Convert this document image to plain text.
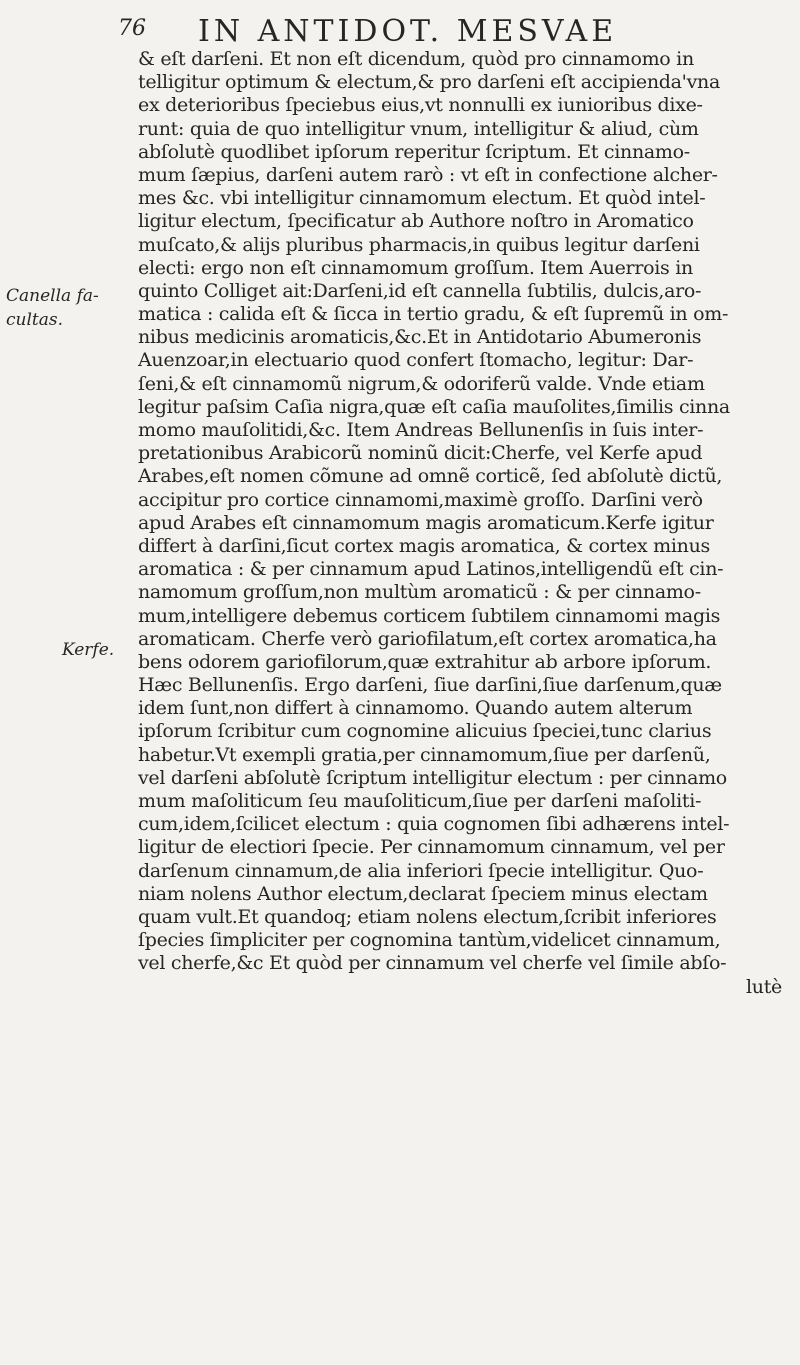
76 IN ANTIDOT. MESVAE
Canella fa-
cultas.
Kerfe.
& eſt darſeni. Et non eſt dicendum, quòd pro cinnamomo in
telligitur optimum & electum,& pro darſeni eſt accipienda'vna
ex deterioribus ſpeciebus eius,vt nonnulli ex iunioribus dixe-
runt: quia de quo intelligitur vnum, intelligitur & aliud, cùm
abſolutè quodlibet ipſorum reperitur ſcriptum. Et cinnamo-
mum ſæpius, darſeni autem rarò : vt eſt in confectione alcher-
mes &c. vbi intelligitur cinnamomum electum. Et quòd intel-
ligitur electum, ſpecificatur ab Authore noſtro in Aromatico
muſcato,& alijs pluribus pharmacis,in quibus legitur darſeni
electi: ergo non eſt cinnamomum groſſum. Item Auerrois in
quinto Colliget ait:Darſeni,id eſt cannella ſubtilis, dulcis,aro-
matica : calida eſt & ſicca in tertio gradu, & eſt ſupremũ in om-
nibus medicinis aromaticis,&c.Et in Antidotario Abumeronis
Auenzoar,in electuario quod confert ſtomacho, legitur: Dar-
ſeni,& eſt cinnamomũ nigrum,& odoriferũ valde. Vnde etiam
legitur paſsim Caſia nigra,quæ eſt caſia mauſolites,ſimilis cinna
momo mauſolitidi,&c. Item Andreas Bellunenſis in ſuis inter-
pretationibus Arabicorũ nominũ dicit:Cherfe, vel Kerfe apud
Arabes,eſt nomen cõmune ad omnẽ corticẽ, ſed abſolutè dictũ,
accipitur pro cortice cinnamomi,maximè groſſo. Darſini verò
apud Arabes eſt cinnamomum magis aromaticum.Kerfe igitur
differt à darſini,ſicut cortex magis aromatica, & cortex minus
aromatica : & per cinnamum apud Latinos,intelligendũ eſt cin-
namomum groſſum,non multùm aromaticũ : & per cinnamo-
mum,intelligere debemus corticem ſubtilem cinnamomi magis
aromaticam. Cherfe verò gariofilatum,eſt cortex aromatica,ha
bens odorem gariofilorum,quæ extrahitur ab arbore ipſorum.
Hæc Bellunenſis. Ergo darſeni, ſiue darſini,ſiue darſenum,quæ
idem ſunt,non differt à cinnamomo. Quando autem alterum
ipſorum ſcribitur cum cognomine alicuius ſpeciei,tunc clarius
habetur.Vt exempli gratia,per cinnamomum,ſiue per darſenũ,
vel darſeni abſolutè ſcriptum intelligitur electum : per cinnamo
mum maſoliticum ſeu mauſoliticum,ſiue per darſeni maſoliti-
cum,idem,ſcilicet electum : quia cognomen ſibi adhærens intel-
ligitur de electiori ſpecie. Per cinnamomum cinnamum, vel per
darſenum cinnamum,de alia inferiori ſpecie intelligitur. Quo-
niam nolens Author electum,declarat ſpeciem minus electam
quam vult.Et quandoq; etiam nolens electum,ſcribit inferiores
ſpecies ſimpliciter per cognomina tantùm,videlicet cinnamum,
vel cherfe,&c Et quòd per cinnamum vel cherfe vel ſimile abſo-
lutè
